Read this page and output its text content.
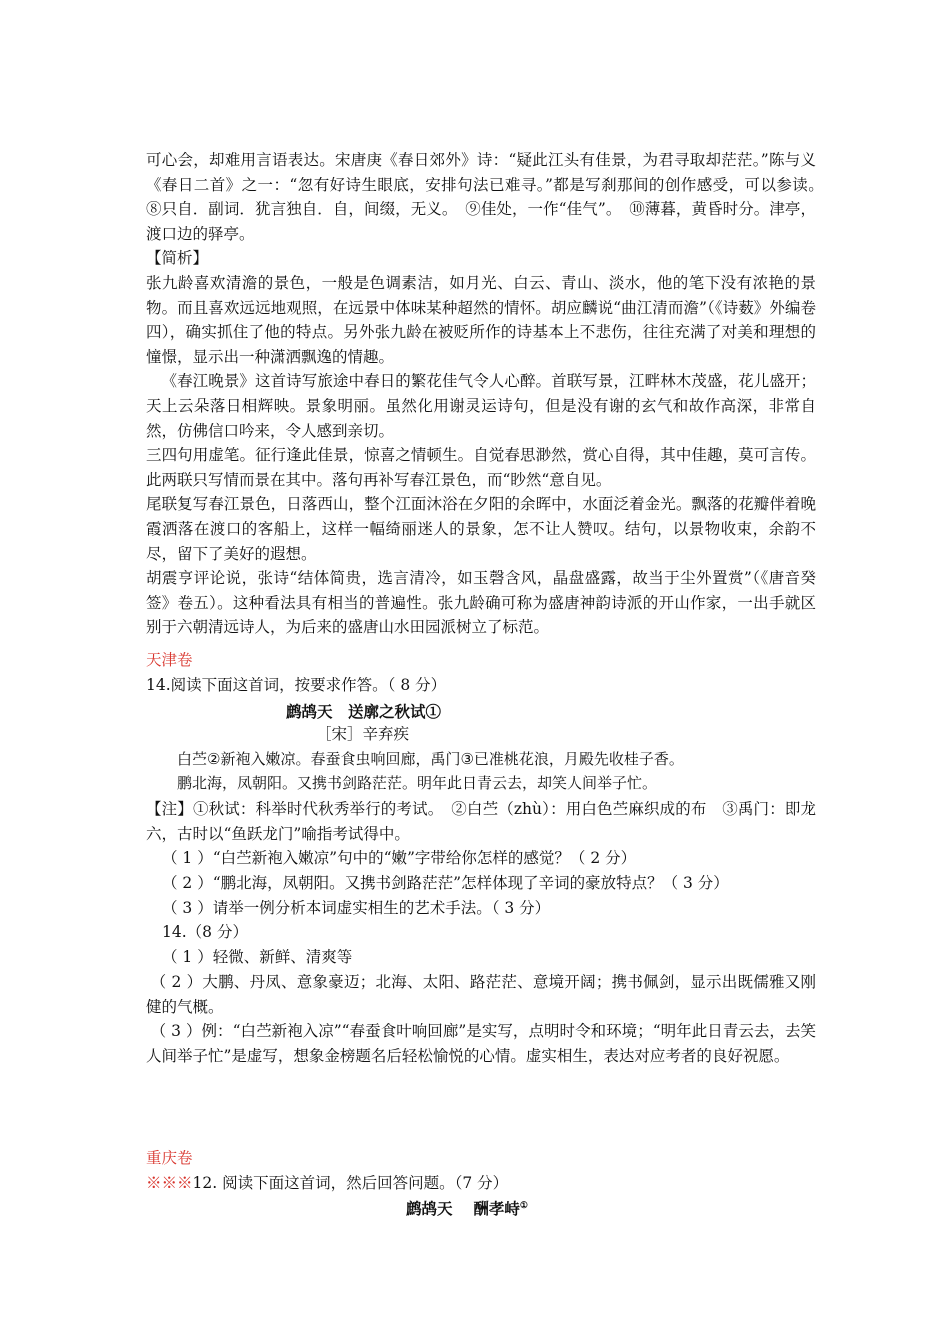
可心会，却难用言语表达。宋唐庚《春日郊外》诗：“疑此江头有佳景，为君寻取却茫茫。”陈与义《春日二首》之一：“忽有好诗生眼底，安排句法已难寻。”都是写刹那间的创作感受，可以参读。　⑧只自．副词．犹言独自．自，间缀，无义。　⑨佳处，一作“佳气”。　⑩薄暮，黄昏时分。津亭，渡口边的驿亭。

【简析】

张九龄喜欢清澹的景色，一般是色调素洁，如月光、白云、青山、淡水，他的笔下没有浓艳的景物。而且喜欢远远地观照，在远景中体味某种超然的情怀。胡应麟说“曲江清而澹”（《诗薮》外编卷四），确实抓住了他的特点。另外张九龄在被贬所作的诗基本上不悲伤，往往充满了对美和理想的憧憬，显示出一种潇洒飘逸的情趣。

《春江晚景》这首诗写旅途中春日的繁花佳气令人心醉。首联写景，江畔林木茂盛，花儿盛开；天上云朵落日相辉映。景象明丽。虽然化用谢灵运诗句，但是没有谢的玄气和故作高深，非常自然，仿佛信口吟来，令人感到亲切。

三四句用虚笔。征行逢此佳景，惊喜之情顿生。自觉春思渺然，赏心自得，其中佳趣，莫可言传。此两联只写情而景在其中。落句再补写春江景色，而“眇然“意自见。

尾联复写春江景色，日落西山，整个江面沐浴在夕阳的余晖中，水面泛着金光。飘落的花瓣伴着晚霞洒落在渡口的客船上，这样一幅绮丽迷人的景象，怎不让人赞叹。结句，以景物收束，余韵不尽，留下了美好的遐想。

胡震亨评论说，张诗“结体简贵，选言清冷，如玉磬含风，晶盘盛露，故当于尘外置赏”（《唐音癸签》卷五）。这种看法具有相当的普遍性。张九龄确可称为盛唐神韵诗派的开山作家，一出手就区别于六朝清远诗人，为后来的盛唐山水田园派树立了标范。

天津卷
14.阅读下面这首词，按要求作答。（ 8 分）
鹧鸪天　送廓之秋试①
［宋］辛弃疾
白苎②新袍入嫩凉。春蚕食虫响回廊，禹门③已准桃花浪，月殿先收桂子香。
鹏北海，凤朝阳。又携书剑路茫茫。明年此日青云去，却笑人间举子忙。

【注】①秋试：科举时代秋秀举行的考试。　②白苎（zhù）：用白色苎麻织成的布　③禹门：即龙六，古时以“鱼跃龙门”喻指考试得中。

（ 1 ）“白苎新袍入嫩凉”句中的“嫩”字带给你怎样的感觉？（ 2 分）
（ 2 ）“鹏北海，凤朝阳。又携书剑路茫茫”怎样体现了辛词的豪放特点？（ 3 分）
（ 3 ）请举一例分析本词虚实相生的艺术手法。（ 3 分）
14.（8 分）
（ 1 ）轻微、新鲜、清爽等

（ 2 ）大鹏、丹凤、意象豪迈；北海、太阳、路茫茫、意境开阔；携书佩剑，显示出既儒雅又刚健的气概。

（ 3 ）例：“白苎新袍入凉”“春蚕食叶响回廊”是实写，点明时令和环境；“明年此日青云去，去笑人间举子忙”是虚写，想象金榜题名后轻松愉悦的心情。虚实相生，表达对应考者的良好祝愿。

重庆卷
※※※12. 阅读下面这首词，然后回答问题。（7 分）
鹧鸪天　 酬孝峙①
